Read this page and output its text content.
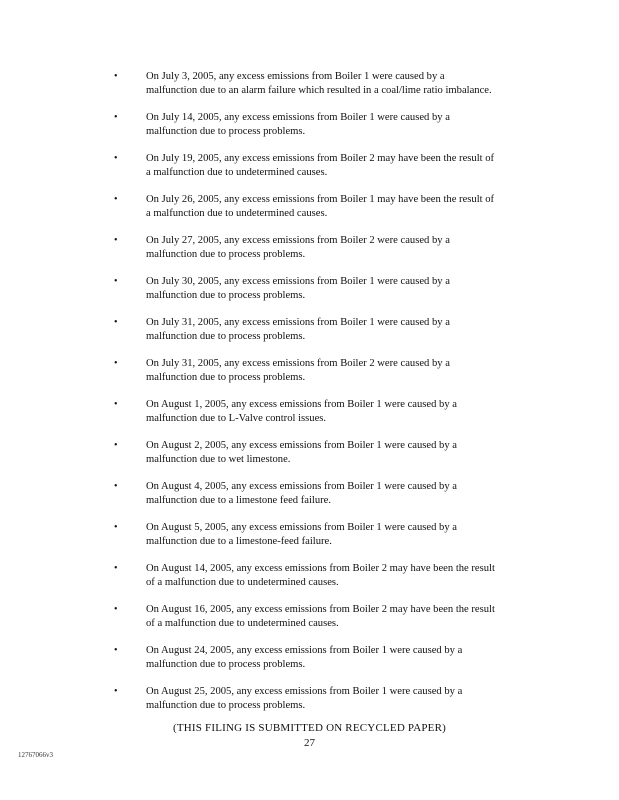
•	On July 3, 2005, any excess emissions from Boiler 1 were caused by a
malfunction due to an alarm failure which resulted in a coal/lime ratio imbalance.
•	On July 14, 2005, any excess emissions from Boiler 1 were caused by a
malfunction due to process problems.
•	On July 19, 2005, any excess emissions from Boiler 2 may have been the result of
a malfunction due to undetermined causes.
•	On July 26, 2005, any excess emissions from Boiler 1 may have been the result of
a malfunction due to undetermined causes.
•	On July 27, 2005, any excess emissions from Boiler 2 were caused by a
malfunction due to process problems.
•	On July 30, 2005, any excess emissions from Boiler 1 were caused by a
malfunction due to process problems.
•	On July 31, 2005, any excess emissions from Boiler 1 were caused by a
malfunction due to process problems.
•	On July 31, 2005, any excess emissions from Boiler 2 were caused by a
malfunction due to process problems.
•	On August 1, 2005, any excess emissions from Boiler 1 were caused by a
malfunction due to L-Valve control issues.
•	On August 2, 2005, any excess emissions from Boiler 1 were caused by a
malfunction due to wet limestone.
•	On August 4, 2005, any excess emissions from Boiler 1 were caused by a
malfunction due to a limestone feed failure.
•	On August 5, 2005, any excess emissions from Boiler 1 were caused by a
malfunction due to a limestone-feed failure.
•	On August 14, 2005, any excess emissions from Boiler 2 may have been the result
of a malfunction due to undetermined causes.
•	On August 16, 2005, any excess emissions from Boiler 2 may have been the result
of a malfunction due to undetermined causes.
•	On August 24, 2005, any excess emissions from Boiler 1 were caused by a
malfunction due to process problems.
•	On August 25, 2005, any excess emissions from Boiler 1 were caused by a
malfunction due to process problems.
(THIS FILING IS SUBMITTED ON RECYCLED PAPER)
27
12767066v3
